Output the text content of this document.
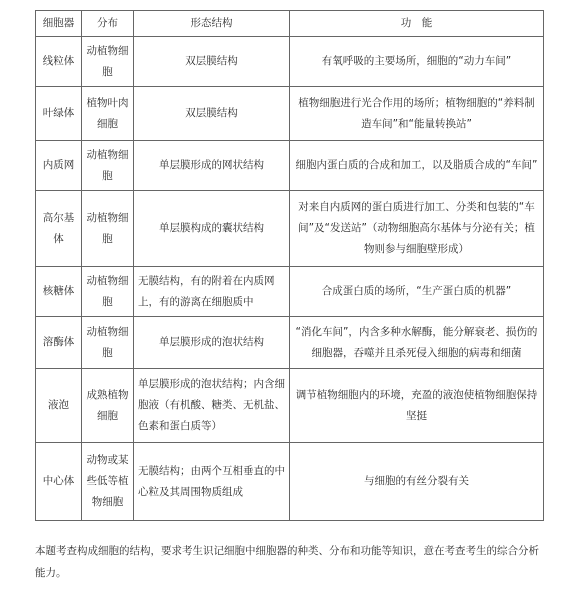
细胞器	分布	形态结构	功　能
线粒体	动植物细胞	双层膜结构	有氧呼吸的主要场所，细胞的“动力车间”
叶绿体	植物叶肉细胞	双层膜结构	植物细胞进行光合作用的场所；植物细胞的“养料制造车间”和“能量转换站”
内质网	动植物细胞	单层膜形成的网状结构	细胞内蛋白质的合成和加工，以及脂质合成的“车间”
高尔基体	动植物细胞	单层膜构成的囊状结构	对来自内质网的蛋白质进行加工、分类和包装的“车间”及“发送站”（动物细胞高尔基体与分泌有关；植物则参与细胞壁形成）
核糖体	动植物细胞	无膜结构，有的附着在内质网上，有的游离在细胞质中	合成蛋白质的场所，“生产蛋白质的机器”
溶酶体	动植物细胞	单层膜形成的泡状结构	“消化车间”，内含多种水解酶，能分解衰老、损伤的细胞器，吞噬并且杀死侵入细胞的病毒和细菌
液泡	成熟植物细胞	单层膜形成的泡状结构；内含细胞液（有机酸、糖类、无机盐、色素和蛋白质等）	调节植物细胞内的环境，充盈的液泡使植物细胞保持坚挺
中心体	动物或某些低等植物细胞	无膜结构；由两个互相垂直的中心粒及其周围物质组成	与细胞的有丝分裂有关

本题考查构成细胞的结构，要求考生识记细胞中细胞器的种类、分布和功能等知识，意在考查考生的综合分析能力。
